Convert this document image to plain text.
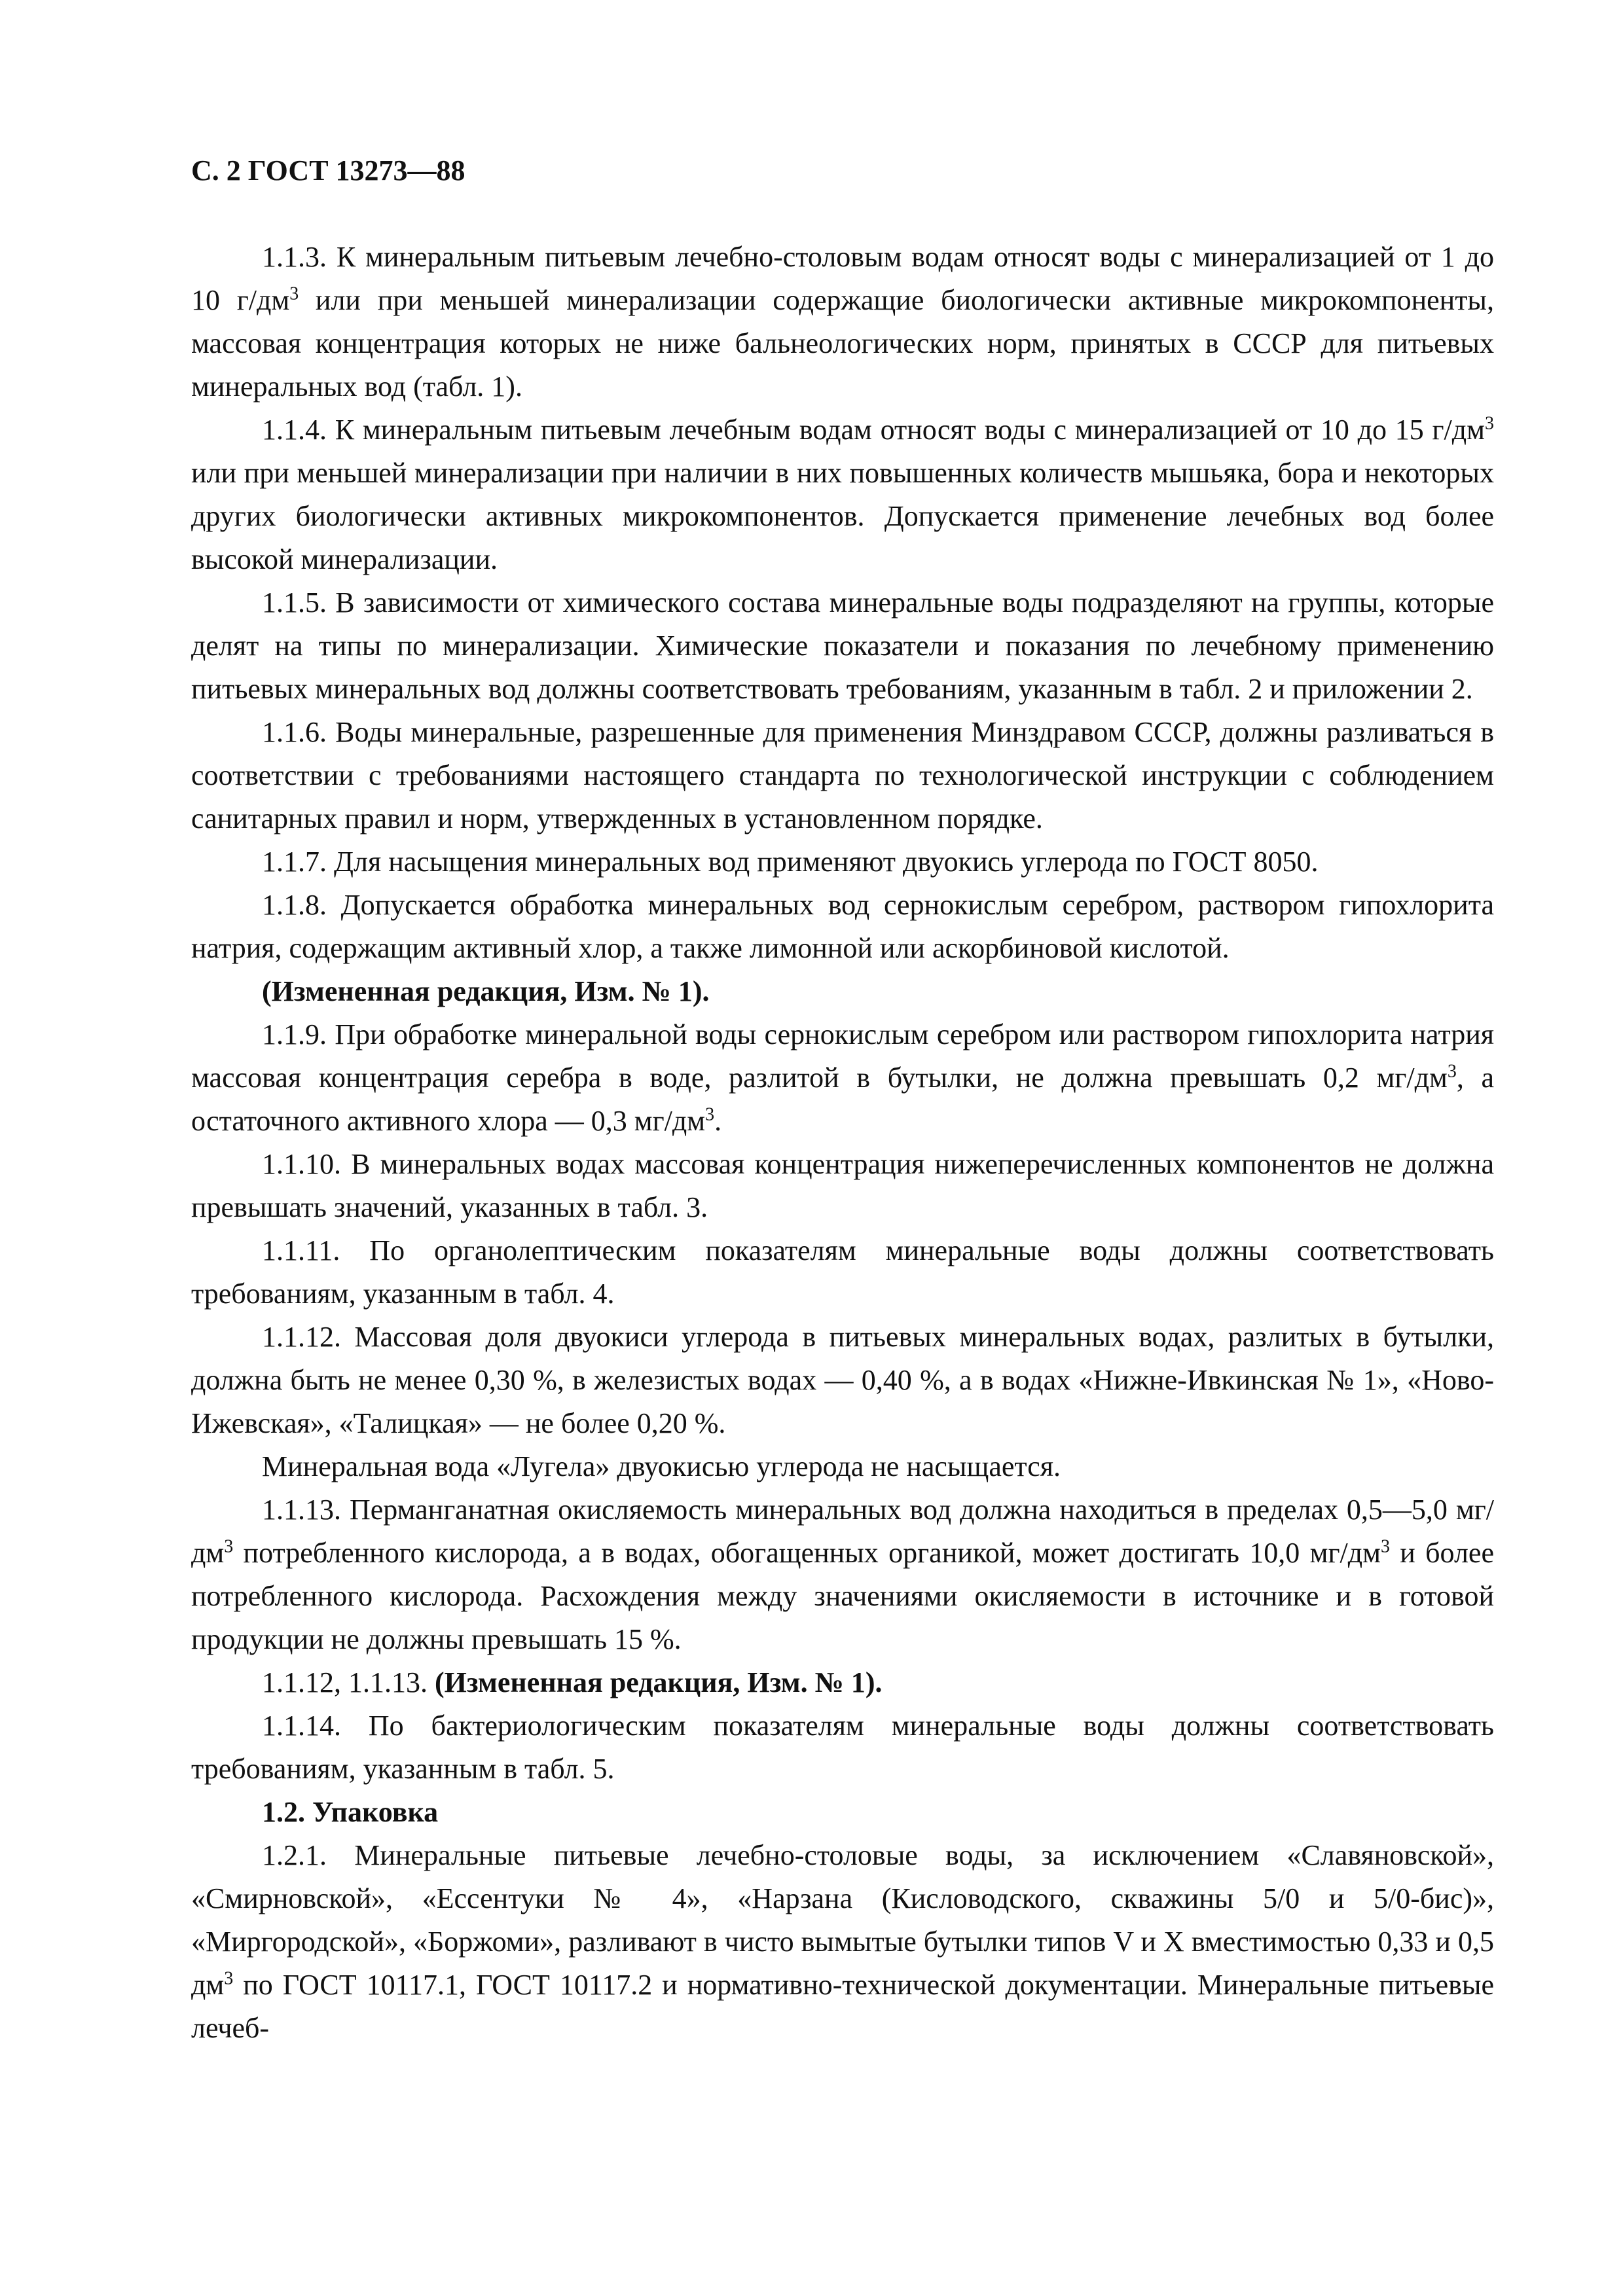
С. 2 ГОСТ 13273—88

1.1.3. К минеральным питьевым лечебно-столовым водам относят воды с минерализацией от 1 до 10 $г/дм^3$ или при меньшей минерализации содержащие биологически активные микрокомпоненты, массовая концентрация которых не ниже бальнеологических норм, принятых в СССР для питьевых минеральных вод (табл. 1).

1.1.4. К минеральным питьевым лечебным водам относят воды с минерализацией от 10 до 15 $г/дм^3$ или при меньшей минерализации при наличии в них повышенных количеств мышьяка, бора и некоторых других биологически активных микрокомпонентов. Допускается применение лечебных вод более высокой минерализации.

1.1.5. В зависимости от химического состава минеральные воды подразделяют на группы, которые делят на типы по минерализации. Химические показатели и показания по лечебному применению питьевых минеральных вод должны соответствовать требованиям, указанным в табл. 2 и приложении 2.

1.1.6. Воды минеральные, разрешенные для применения Минздравом СССР, должны разливаться в соответствии с требованиями настоящего стандарта по технологической инструкции с соблюдением санитарных правил и норм, утвержденных в установленном порядке.

1.1.7. Для насыщения минеральных вод применяют двуокись углерода по ГОСТ 8050.

1.1.8. Допускается обработка минеральных вод сернокислым серебром, раствором гипохлорита натрия, содержащим активный хлор, а также лимонной или аскорбиновой кислотой.

(Измененная редакция, Изм. № 1).

1.1.9. При обработке минеральной воды сернокислым серебром или раствором гипохлорита натрия массовая концентрация серебра в воде, разлитой в бутылки, не должна превышать 0,2 $мг/дм^3$, а остаточного активного хлора — 0,3 $мг/дм^3$.

1.1.10. В минеральных водах массовая концентрация нижеперечисленных компонентов не должна превышать значений, указанных в табл. 3.

1.1.11. По органолептическим показателям минеральные воды должны соответствовать требованиям, указанным в табл. 4.

1.1.12. Массовая доля двуокиси углерода в питьевых минеральных водах, разлитых в бутылки, должна быть не менее 0,30 %, в железистых водах — 0,40 %, а в водах «Нижне-Ивкинская № 1», «Ново-Ижевская», «Талицкая» — не более 0,20 %.

Минеральная вода «Лугела» двуокисью углерода не насыщается.

1.1.13. Перманганатная окисляемость минеральных вод должна находиться в пределах 0,5—5,0 $мг/дм^3$ потребленного кислорода, а в водах, обогащенных органикой, может достигать 10,0 $мг/дм^3$ и более потребленного кислорода. Расхождения между значениями окисляемости в источнике и в готовой продукции не должны превышать 15 %.

1.1.12, 1.1.13. (Измененная редакция, Изм. № 1).

1.1.14. По бактериологическим показателям минеральные воды должны соответствовать требованиям, указанным в табл. 5.

1.2. Упаковка

1.2.1. Минеральные питьевые лечебно-столовые воды, за исключением «Славяновской», «Смирновской», «Ессентуки № 4», «Нарзана (Кисловодского, скважины 5/0 и 5/0-бис)», «Миргородской», «Боржоми», разливают в чисто вымытые бутылки типов V и X вместимостью 0,33 и 0,5 $дм^3$ по ГОСТ 10117.1, ГОСТ 10117.2 и нормативно-технической документации. Минеральные питьевые лечеб-
